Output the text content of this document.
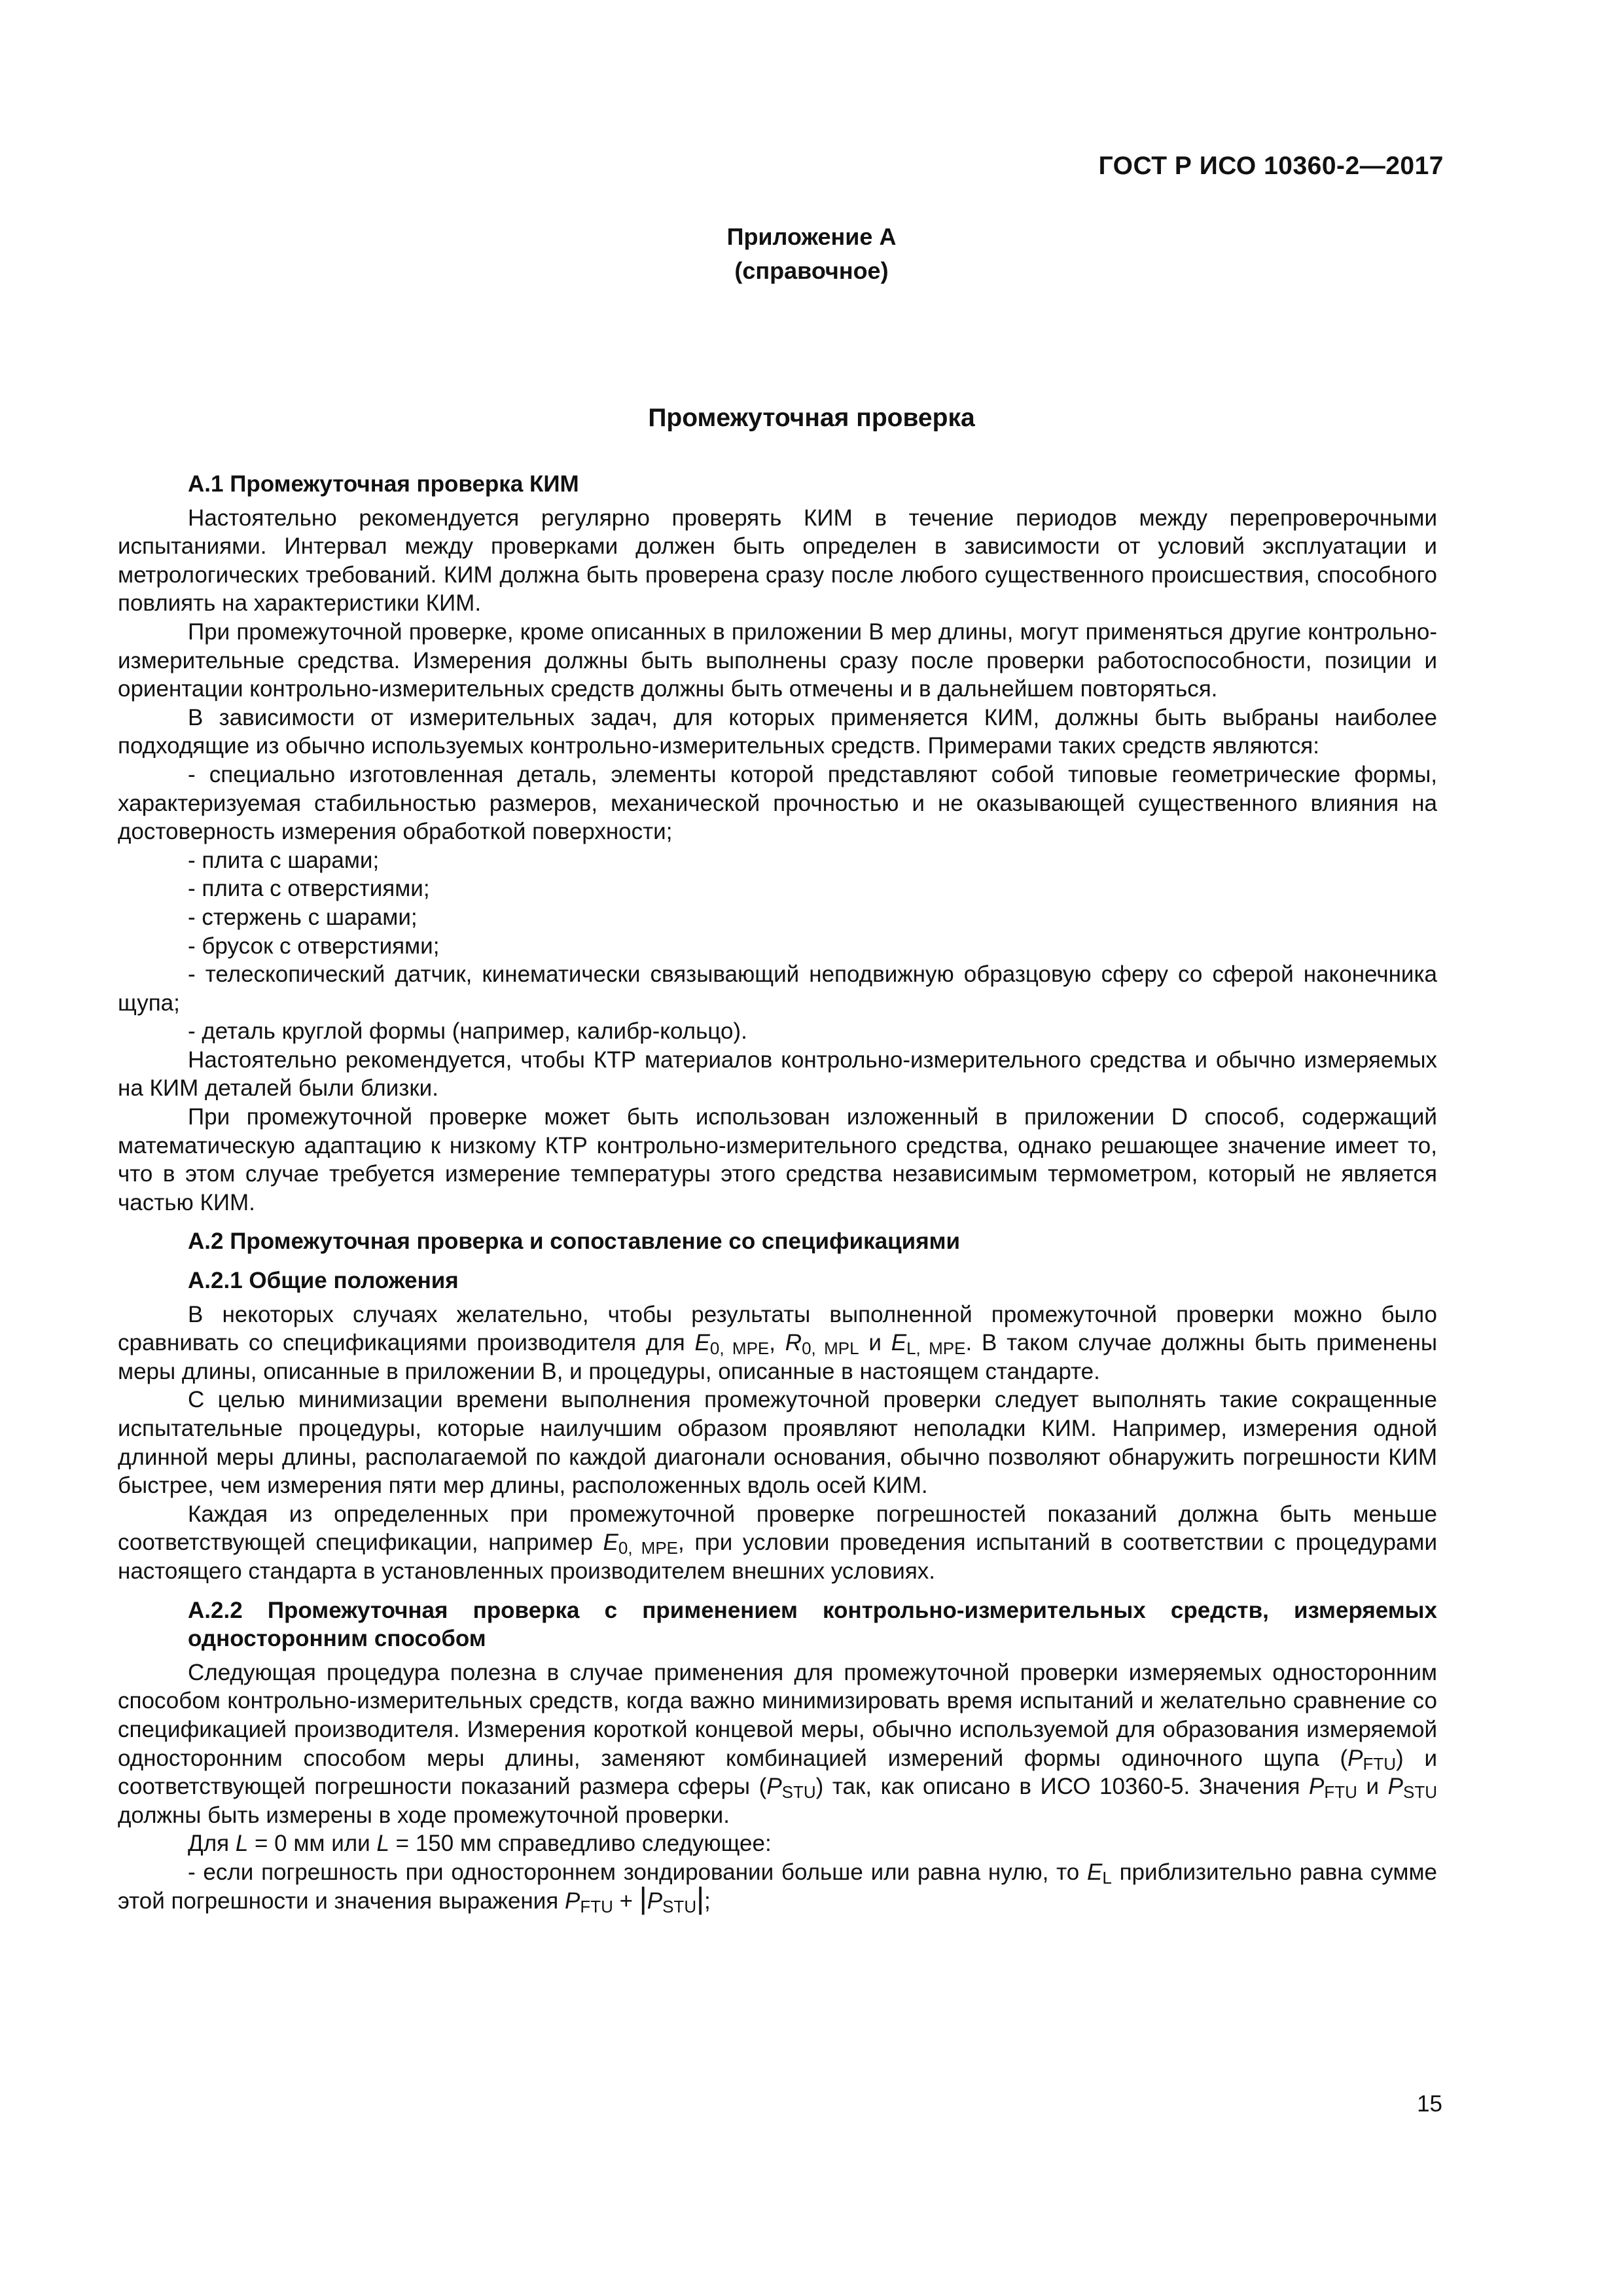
ГОСТ Р ИСО 10360-2—2017
Приложение А
(справочное)
Промежуточная проверка
А.1 Промежуточная проверка КИМ

Настоятельно рекомендуется регулярно проверять КИМ в течение периодов между перепроверочными испытаниями. Интервал между проверками должен быть определен в зависимости от условий эксплуатации и метрологических требований. КИМ должна быть проверена сразу после любого существенного происшествия, способного повлиять на характеристики КИМ.

При промежуточной проверке, кроме описанных в приложении В мер длины, могут применяться другие контрольно-измерительные средства. Измерения должны быть выполнены сразу после проверки работоспособности, позиции и ориентации контрольно-измерительных средств должны быть отмечены и в дальнейшем повторяться.

В зависимости от измерительных задач, для которых применяется КИМ, должны быть выбраны наиболее подходящие из обычно используемых контрольно-измерительных средств. Примерами таких средств являются:

- специально изготовленная деталь, элементы которой представляют собой типовые геометрические формы, характеризуемая стабильностью размеров, механической прочностью и не оказывающей существенного влияния на достоверность измерения обработкой поверхности;

- плита с шарами;

- плита с отверстиями;

- стержень с шарами;

- брусок с отверстиями;

- телескопический датчик, кинематически связывающий неподвижную образцовую сферу со сферой наконечника щупа;

- деталь круглой формы (например, калибр-кольцо).

Настоятельно рекомендуется, чтобы КТР материалов контрольно-измерительного средства и обычно измеряемых на КИМ деталей были близки.

При промежуточной проверке может быть использован изложенный в приложении D способ, содержащий математическую адаптацию к низкому КТР контрольно-измерительного средства, однако решающее значение имеет то, что в этом случае требуется измерение температуры этого средства независимым термометром, который не является частью КИМ.

А.2 Промежуточная проверка и сопоставление со спецификациями
А.2.1 Общие положения

В некоторых случаях желательно, чтобы результаты выполненной промежуточной проверки можно было сравнивать со спецификациями производителя для $E_{0, MPE}$, $R_{0, MPL}$ и $E_{L, MPE}$. В таком случае должны быть применены меры длины, описанные в приложении В, и процедуры, описанные в настоящем стандарте.

С целью минимизации времени выполнения промежуточной проверки следует выполнять такие сокращенные испытательные процедуры, которые наилучшим образом проявляют неполадки КИМ. Например, измерения одной длинной меры длины, располагаемой по каждой диагонали основания, обычно позволяют обнаружить погрешности КИМ быстрее, чем измерения пяти мер длины, расположенных вдоль осей КИМ.

Каждая из определенных при промежуточной проверке погрешностей показаний должна быть меньше соответствующей спецификации, например $E_{0, MPE}$, при условии проведения испытаний в соответствии с процедурами настоящего стандарта в установленных производителем внешних условиях.

А.2.2 Промежуточная проверка с применением контрольно-измерительных средств, измеряемых односторонним способом

Следующая процедура полезна в случае применения для промежуточной проверки измеряемых односторонним способом контрольно-измерительных средств, когда важно минимизировать время испытаний и желательно сравнение со спецификацией производителя. Измерения короткой концевой меры, обычно используемой для образования измеряемой односторонним способом меры длины, заменяют комбинацией измерений формы одиночного щупа $(P_{FTU})$ и соответствующей погрешности показаний размера сферы $(P_{STU})$ так, как описано в ИСО 10360-5. Значения $P_{FTU}$ и $P_{STU}$ должны быть измерены в ходе промежуточной проверки.

Для L = 0 мм или L = 150 мм справедливо следующее:

- если погрешность при одностороннем зондировании больше или равна нулю, то $E_L$ приблизительно равна сумме этой погрешности и значения выражения $P_{FTU} + |P_{STU}|$;

15
